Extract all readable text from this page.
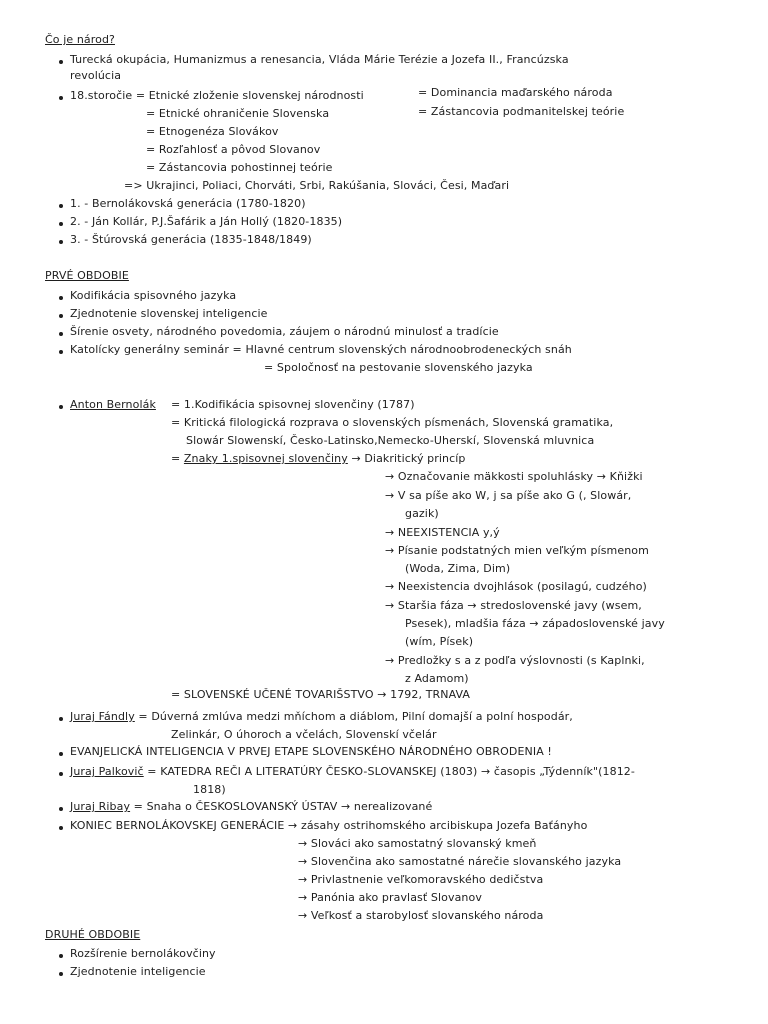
Čo je národ?
Turecká okupácia, Humanizmus a renesancia, Vláda Márie Terézie a Jozefa II., Francúzska
revolúcia
18.storočie = Etnické zloženie slovenskej národnosti	= Dominancia maďarského národa
= Zástancovia podmanitelskej teórie
= Etnické ohraničenie Slovenska
= Etnogenéza Slovákov
= Rozľahlosť a pôvod Slovanov
= Zástancovia pohostinnej teórie
=> Ukrajinci, Poliaci, Chorváti, Srbi, Rakúšania, Slováci, Česi, Maďari
1. - Bernolákovská generácia (1780-1820)
2. - Ján Kollár, P.J.Šafárik a Ján Hollý (1820-1835)
3. - Štúrovská generácia (1835-1848/1849)
PRVÉ OBDOBIE
Kodifikácia spisovného jazyka
Zjednotenie slovenskej inteligencie
Šírenie osvety, národného povedomia, záujem o národnú minulosť a tradície
Katolícky generálny seminár = Hlavné centrum slovenských národnoobrodeneckých snáh
= Spoločnosť na pestovanie slovenského jazyka
Anton Bernolák = 1.Kodifikácia spisovnej slovenčiny (1787)
= Kritická filologická rozprava o slovenských písmenách, Slovenská gramatika,
Slowár Slowenskí, Česko-Latinsko,Nemecko-Uherskí, Slovenská mluvnica
= Znaky 1.spisovnej slovenčiny → Diakritický princíp
→ Označovanie mäkkosti spoluhlásky → Kňižki
→ V sa píše ako W, j sa píše ako G (, Slowár,
gazik)
→ NEEXISTENCIA y,ý
→ Písanie podstatných mien veľkým písmenom
(Woda, Zima, Dim)
→ Neexistencia dvojhlások (posilagú, cudzého)
→ Staršia fáza → stredoslovenské javy (wsem,
Psesek), mladšia fáza → západoslovenské javy
(wím, Písek)
→ Predložky s a z podľa výslovnosti (s Kaplnki,
z Adamom)
= SLOVENSKÉ UČENÉ TOVARIŠSTVO → 1792, TRNAVA
Juraj Fándly = Dúverná zmlúva medzi mňíchom a diáblom, Pilní domajší a polní hospodár,
Zelinkár, O úhoroch a včelách, Slovenskí včelár
EVANJELICKÁ INTELIGENCIA V PRVEJ ETAPE SLOVENSKÉHO NÁRODNÉHO OBRODENIA !
Juraj Palkovič = KATEDRA REČI A LITERATÚRY ČESKO-SLOVANSKEJ (1803) → časopis „Týdenník"(1812-
1818)
Juraj Ribay = Snaha o ČESKOSLOVANSKÝ ÚSTAV → nerealizované
KONIEC BERNOLÁKOVSKEJ GENERÁCIE → zásahy ostrihomského arcibiskupa Jozefa Baťányho
→ Slováci ako samostatný slovanský kmeň
→ Slovenčina ako samostatné nárečie slovanského jazyka
→ Privlastnenie veľkomoravského dedičstva
→ Panónia ako pravlasť Slovanov
→ Veľkosť a starobylosť slovanského národa
DRUHÉ OBDOBIE
Rozšírenie bernolákovčiny
Zjednotenie inteligencie
